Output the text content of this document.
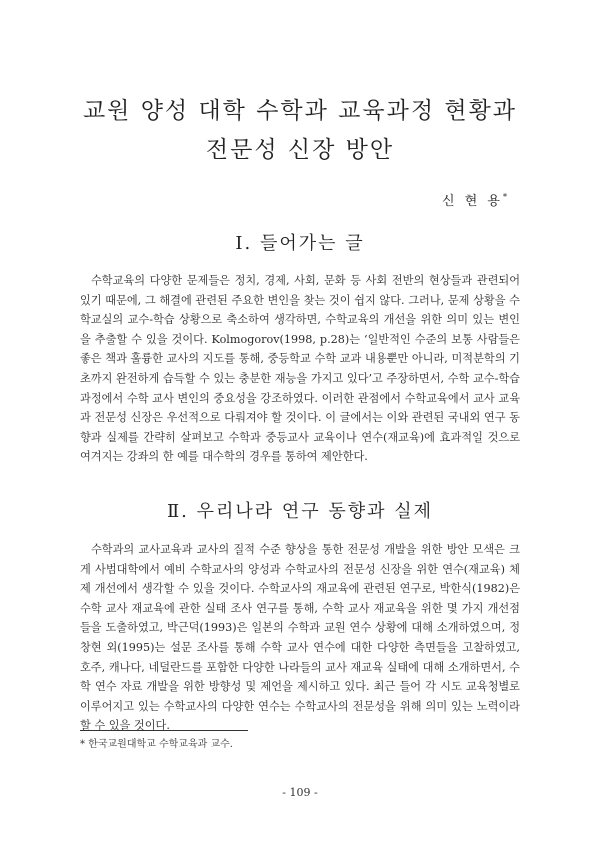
교원 양성 대학 수학과 교육과정 현황과
전문성 신장 방안
신 현 용*
Ⅰ. 들어가는 글

수학교육의 다양한 문제들은 정치, 경제, 사회, 문화 등 사회 전반의 현상들과 관련되어 있기 때문에, 그 해결에 관련된 주요한 변인을 찾는 것이 쉽지 않다. 그러나, 문제 상황을 수학교실의 교수-학습 상황으로 축소하여 생각하면, 수학교육의 개선을 위한 의미 있는 변인을 추출할 수 있을 것이다. Kolmogorov(1998, p.28)는 ‘일반적인 수준의 보통 사람들은 좋은 책과 훌륭한 교사의 지도를 통해, 중등학교 수학 교과 내용뿐만 아니라, 미적분학의 기초까지 완전하게 습득할 수 있는 충분한 재능을 가지고 있다’고 주장하면서, 수학 교수-학습 과정에서 수학 교사 변인의 중요성을 강조하였다. 이러한 관점에서 수학교육에서 교사 교육과 전문성 신장은 우선적으로 다뤄져야 할 것이다. 이 글에서는 이와 관련된 국내외 연구 동향과 실제를 간략히 살펴보고 수학과 중등교사 교육이나 연수(재교육)에 효과적일 것으로 여겨지는 강좌의 한 예를 대수학의 경우를 통하여 제안한다.

Ⅱ. 우리나라 연구 동향과 실제

수학과의 교사교육과 교사의 질적 수준 향상을 통한 전문성 개발을 위한 방안 모색은 크게 사범대학에서 예비 수학교사의 양성과 수학교사의 전문성 신장을 위한 연수(재교육) 체제 개선에서 생각할 수 있을 것이다. 수학교사의 재교육에 관련된 연구로, 박한식(1982)은 수학 교사 재교육에 관한 실태 조사 연구를 통해, 수학 교사 재교육을 위한 몇 가지 개선점들을 도출하였고, 박근덕(1993)은 일본의 수학과 교원 연수 상황에 대해 소개하였으며, 정창현 외(1995)는 설문 조사를 통해 수학 교사 연수에 대한 다양한 측면들을 고찰하였고, 호주, 캐나다, 네덜란드를 포함한 다양한 나라들의 교사 재교육 실태에 대해 소개하면서, 수학 연수 자료 개발을 위한 방향성 및 제언을 제시하고 있다. 최근 들어 각 시도 교육청별로 이루어지고 있는 수학교사의 다양한 연수는 수학교사의 전문성을 위해 의미 있는 노력이라 할 수 있을 것이다.

* 한국교원대학교 수학교육과 교수.
- 109 -
